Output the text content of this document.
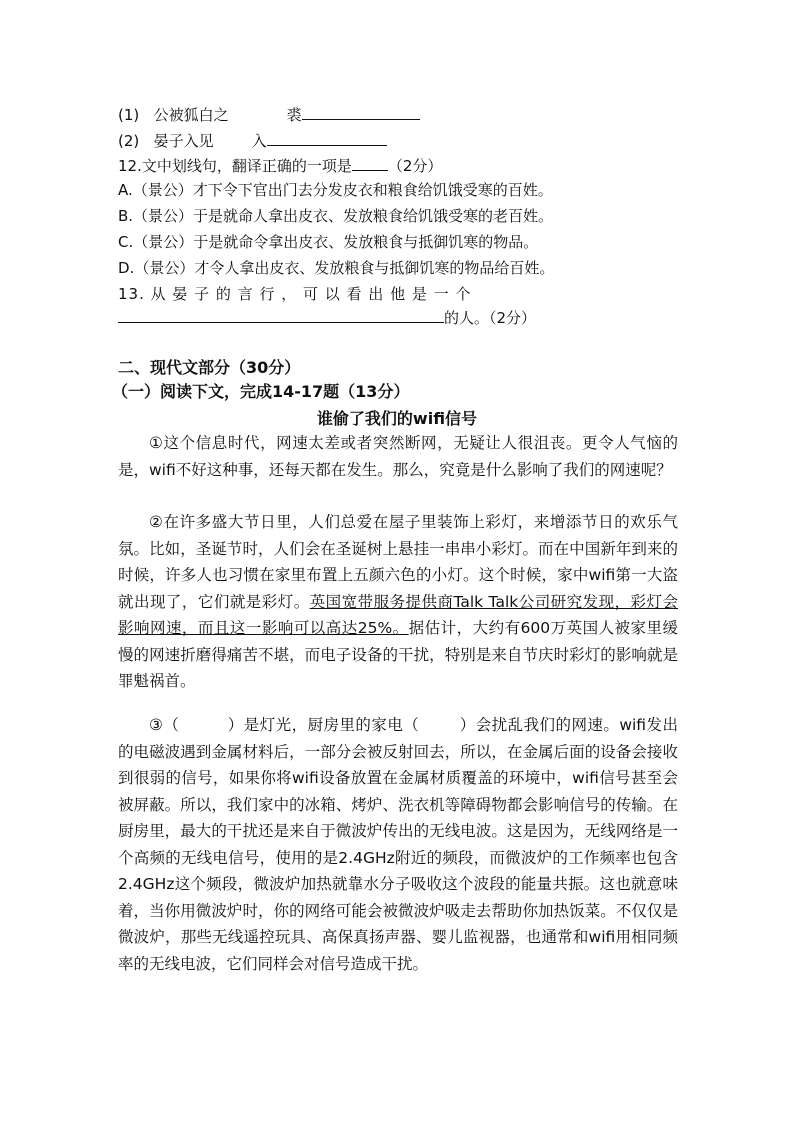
(1) 公被狐白之	裘
(2) 晏子入见	入
12.文中划线句，翻译正确的一项是 （2分）
A.（景公）才下令下官出门去分发皮衣和粮食给饥饿受寒的百姓。
B.（景公）于是就命人拿出皮衣、发放粮食给饥饿受寒的老百姓。
C.（景公）于是就命令拿出皮衣、发放粮食与抵御饥寒的物品。
D.（景公）才令人拿出皮衣、发放粮食与抵御饥寒的物品给百姓。
13. 从 晏 子 的 言 行 ， 可 以 看 出 他 是 一 个
的人。（2分）
二、现代文部分（30分）
（一）阅读下文，完成14-17题（13分）
谁偷了我们的wifi信号

①这个信息时代，网速太差或者突然断网，无疑让人很沮丧。更令人气恼的是，wifi不好这种事，还每天都在发生。那么，究竟是什么影响了我们的网速呢？

②在许多盛大节日里，人们总爱在屋子里装饰上彩灯，来增添节日的欢乐气氛。比如，圣诞节时，人们会在圣诞树上悬挂一串串小彩灯。而在中国新年到来的时候，许多人也习惯在家里布置上五颜六色的小灯。这个时候，家中wifi第一大盗就出现了，它们就是彩灯。英国宽带服务提供商Talk Talk公司研究发现，彩灯会影响网速，而且这一影响可以高达25%。据估计，大约有600万英国人被家里缓慢的网速折磨得痛苦不堪，而电子设备的干扰，特别是来自节庆时彩灯的影响就是罪魁祸首。

③（	）是灯光，厨房里的家电（	）会扰乱我们的网速。wifi发出的电磁波遇到金属材料后，一部分会被反射回去，所以，在金属后面的设备会接收到很弱的信号，如果你将wifi设备放置在金属材质覆盖的环境中，wifi信号甚至会被屏蔽。所以，我们家中的冰箱、烤炉、洗衣机等障碍物都会影响信号的传输。在厨房里，最大的干扰还是来自于微波炉传出的无线电波。这是因为，无线网络是一个高频的无线电信号，使用的是2.4GHz附近的频段，而微波炉的工作频率也包含2.4GHz这个频段，微波炉加热就靠水分子吸收这个波段的能量共振。这也就意味着，当你用微波炉时，你的网络可能会被微波炉吸走去帮助你加热饭菜。不仅仅是微波炉，那些无线遥控玩具、高保真扬声器、婴儿监视器，也通常和wifi用相同频率的无线电波，它们同样会对信号造成干扰。
